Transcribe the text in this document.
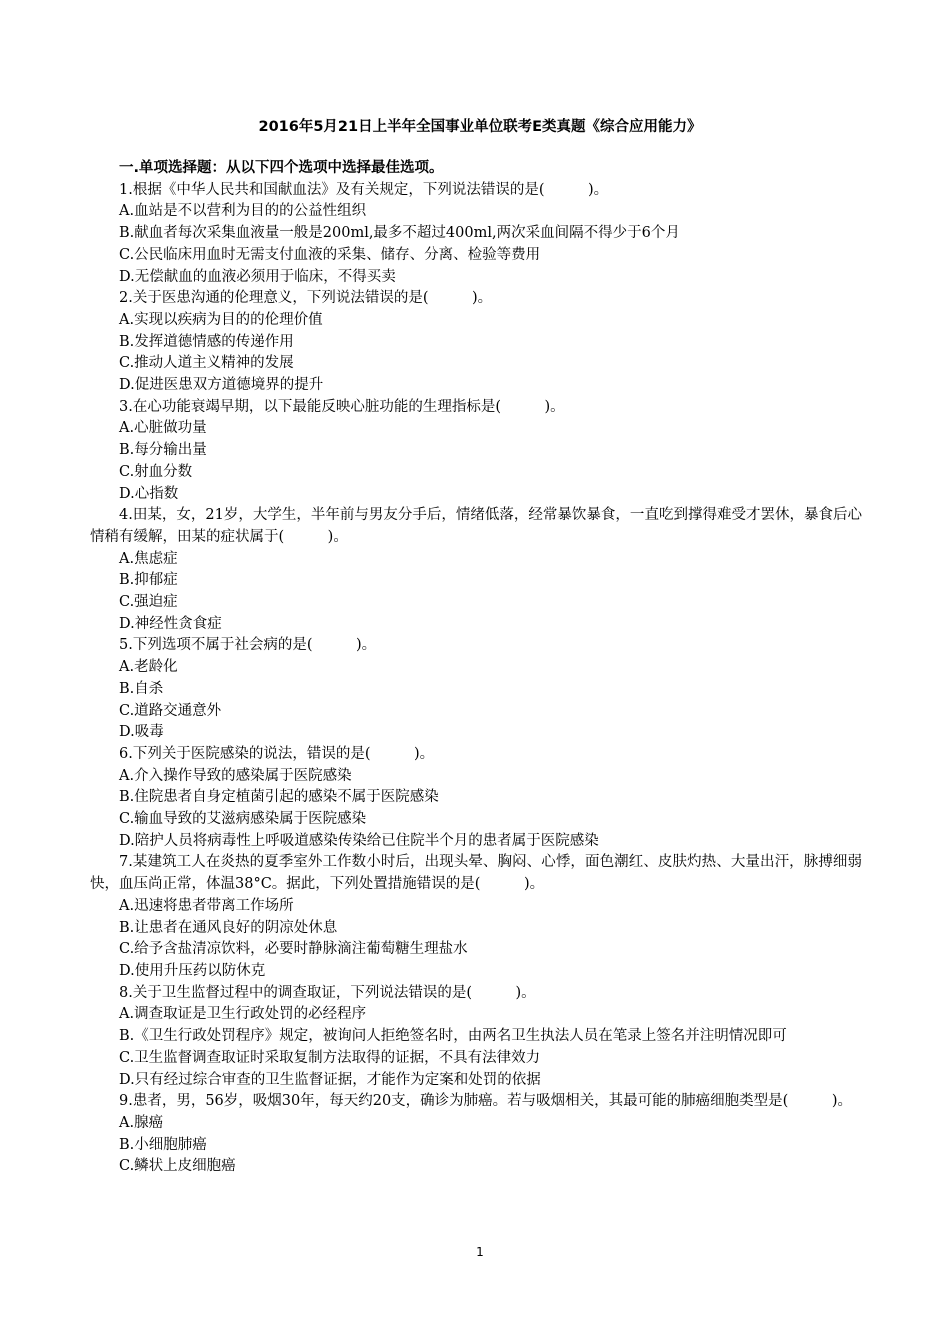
2016年5月21日上半年全国事业单位联考E类真题《综合应用能力》
一.单项选择题：从以下四个选项中选择最佳选项。
1.根据《中华人民共和国献血法》及有关规定，下列说法错误的是(　　　)。
A.血站是不以营利为目的的公益性组织
B.献血者每次采集血液量一般是200ml,最多不超过400ml,两次采血间隔不得少于6个月
C.公民临床用血时无需支付血液的采集、储存、分离、检验等费用
D.无偿献血的血液必须用于临床，不得买卖
2.关于医患沟通的伦理意义，下列说法错误的是(　　　)。
A.实现以疾病为目的的伦理价值
B.发挥道德情感的传递作用
C.推动人道主义精神的发展
D.促进医患双方道德境界的提升
3.在心功能衰竭早期，以下最能反映心脏功能的生理指标是(　　　)。
A.心脏做功量
B.每分输出量
C.射血分数
D.心指数
4.田某，女，21岁，大学生，半年前与男友分手后，情绪低落，经常暴饮暴食，一直吃到撑得难受才罢休，暴食后心情稍有缓解，田某的症状属于(　　　)。
A.焦虑症
B.抑郁症
C.强迫症
D.神经性贪食症
5.下列选项不属于社会病的是(　　　)。
A.老龄化
B.自杀
C.道路交通意外
D.吸毒
6.下列关于医院感染的说法，错误的是(　　　)。
A.介入操作导致的感染属于医院感染
B.住院患者自身定植菌引起的感染不属于医院感染
C.输血导致的艾滋病感染属于医院感染
D.陪护人员将病毒性上呼吸道感染传染给已住院半个月的患者属于医院感染
7.某建筑工人在炎热的夏季室外工作数小时后，出现头晕、胸闷、心悸，面色潮红、皮肤灼热、大量出汗，脉搏细弱快，血压尚正常，体温38°C。据此，下列处置措施错误的是(　　　)。
A.迅速将患者带离工作场所
B.让患者在通风良好的阴凉处休息
C.给予含盐清凉饮料，必要时静脉滴注葡萄糖生理盐水
D.使用升压药以防休克
8.关于卫生监督过程中的调查取证，下列说法错误的是(　　　)。
A.调查取证是卫生行政处罚的必经程序
B.《卫生行政处罚程序》规定，被询问人拒绝签名时，由两名卫生执法人员在笔录上签名并注明情况即可
C.卫生监督调查取证时采取复制方法取得的证据，不具有法律效力
D.只有经过综合审查的卫生监督证据，才能作为定案和处罚的依据
9.患者，男，56岁，吸烟30年，每天约20支，确诊为肺癌。若与吸烟相关，其最可能的肺癌细胞类型是(　　　)。
A.腺癌
B.小细胞肺癌
C.鳞状上皮细胞癌
1
